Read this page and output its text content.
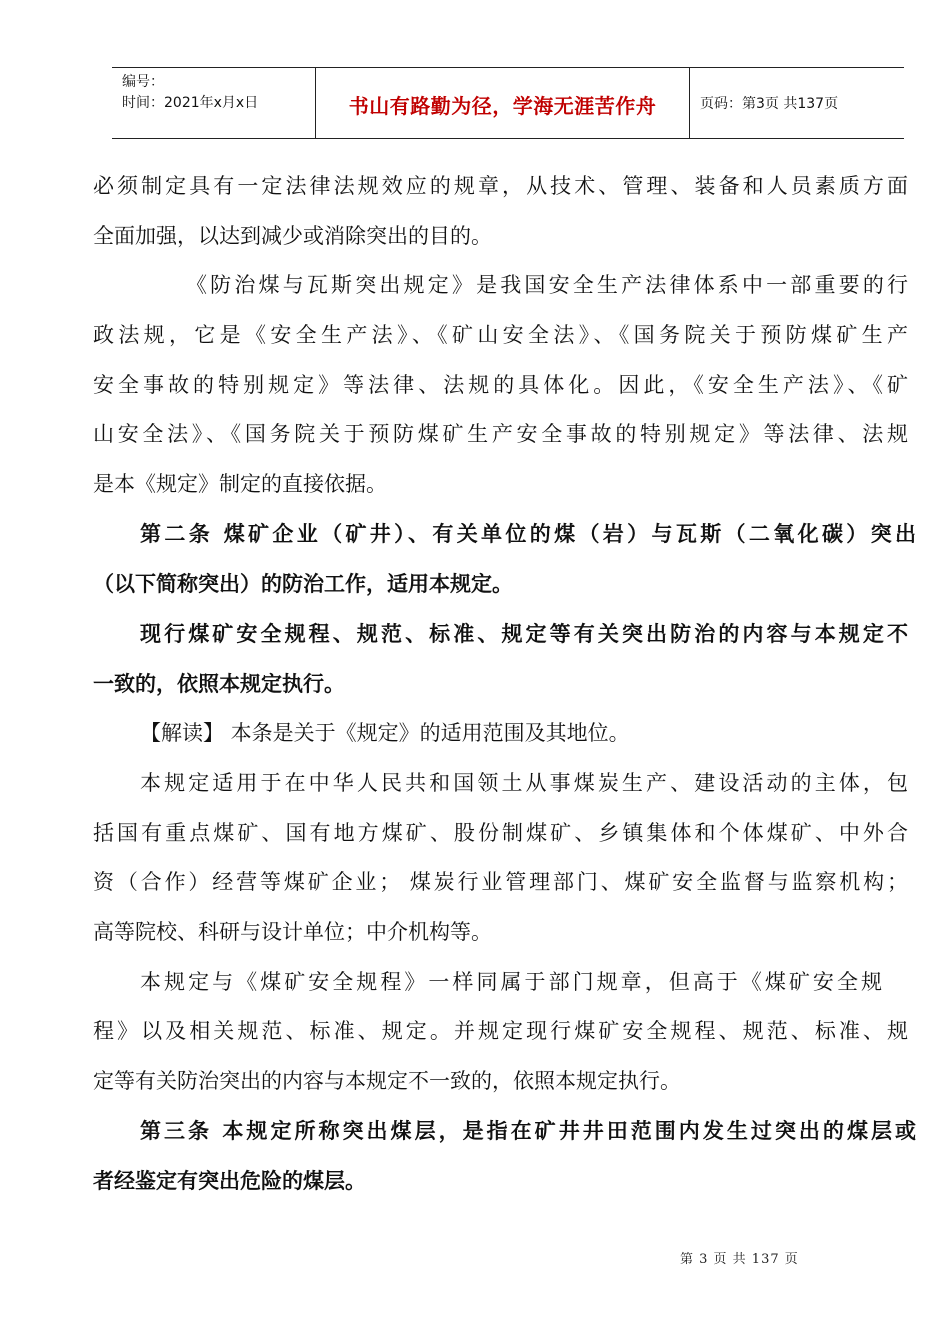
编号：
时间：2021年x月x日	书山有路勤为径，学海无涯苦作舟	页码：第3页 共137页
必须制定具有一定法律法规效应的规章，从技术、管理、装备和人员素质方面
全面加强，以达到减少或消除突出的目的。
《防治煤与瓦斯突出规定》是我国安全生产法律体系中一部重要的行
政法规，它是《安全生产法》、《矿山安全法》、《国务院关于预防煤矿生产
安全事故的特别规定》等法律、法规的具体化。因此，《安全生产法》、《矿
山安全法》、《国务院关于预防煤矿生产安全事故的特别规定》等法律、法规
是本《规定》制定的直接依据。
第二条 煤矿企业（矿井）、有关单位的煤（岩）与瓦斯（二氧化碳）突出
（以下简称突出）的防治工作，适用本规定。
现行煤矿安全规程、规范、标准、规定等有关突出防治的内容与本规定不
一致的，依照本规定执行。
【解读】 本条是关于《规定》的适用范围及其地位。
本规定适用于在中华人民共和国领土从事煤炭生产、建设活动的主体，包
括国有重点煤矿、国有地方煤矿、股份制煤矿、乡镇集体和个体煤矿、中外合
资（合作）经营等煤矿企业； 煤炭行业管理部门、煤矿安全监督与监察机构；
高等院校、科研与设计单位；中介机构等。
本规定与《煤矿安全规程》一样同属于部门规章，但高于《煤矿安全规
程》以及相关规范、标准、规定。并规定现行煤矿安全规程、规范、标准、规
定等有关防治突出的内容与本规定不一致的，依照本规定执行。
第三条 本规定所称突出煤层，是指在矿井井田范围内发生过突出的煤层或
者经鉴定有突出危险的煤层。
第 3 页 共 137 页
